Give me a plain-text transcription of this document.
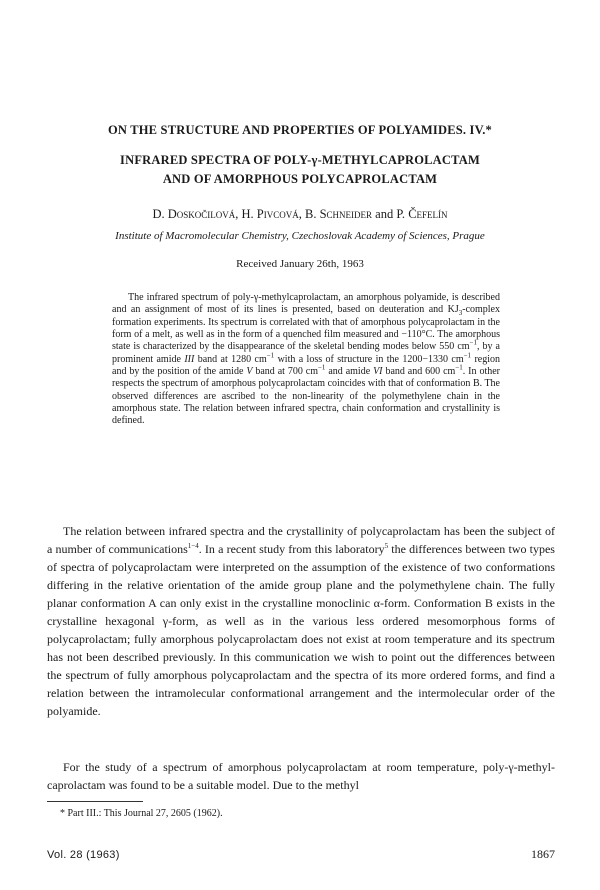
ON THE STRUCTURE AND PROPERTIES OF POLYAMIDES. IV.*
INFRARED SPECTRA OF POLY-γ-METHYLCAPROLACTAM
AND OF AMORPHOUS POLYCAPROLACTAM

D. Doskočilová, H. Pivcová, B. Schneider and P. Čefelín

Institute of Macromolecular Chemistry, Czechoslovak Academy of Sciences, Prague

Received January 26th, 1963

The infrared spectrum of poly-γ-methylcaprolactam, an amorphous polyamide, is described and an assignment of most of its lines is presented, based on deuteration and $KJ_3$-complex formation experiments. Its spectrum is correlated with that of amorphous polycaprolactam in the form of a melt, as well as in the form of a quenched film measured and −110°C. The amorphous state is characterized by the disappearance of the skeletal bending modes below 550 $cm^{-1}$, by a prominent amide III band at 1280 $cm^{-1}$ with a loss of structure in the 1200−1330 $cm^{-1}$ region and by the position of the amide V band at 700 $cm^{-1}$ and amide VI band and 600 $cm^{-1}$. In other respects the spectrum of amorphous polycaprolactam coincides with that of conformation B. The observed differences are ascribed to the non-linearity of the polymethylene chain in the amorphous state. The relation between infrared spectra, chain conformation and crystallinity is defined.

The relation between infrared spectra and the crystallinity of polycaprolactam has been the subject of a number of communications$^{1-4}$. In a recent study from this laboratory$^5$ the differences between two types of spectra of polycaprolactam were interpreted on the assumption of the existence of two conformations differing in the relative orientation of the amide group plane and the polymethylene chain. The fully planar conformation A can only exist in the crystalline monoclinic α-form. Conformation B exists in the crystalline hexagonal γ-form, as well as in the various less ordered mesomorphous forms of polycaprolactam; fully amorphous polycaprolactam does not exist at room temperature and its spectrum has not been described previously. In this communication we wish to point out the differences between the spectrum of fully amorphous polycaprolactam and the spectra of its more ordered forms, and find a relation between the intramolecular conformational arrangement and the intermolecular order of the polyamide.

For the study of a spectrum of amorphous polycaprolactam at room temperature, poly-γ-methyl-caprolactam was found to be a suitable model. Due to the methyl

* Part III.: This Journal 27, 2605 (1962).

Vol. 28 (1963)	1867
